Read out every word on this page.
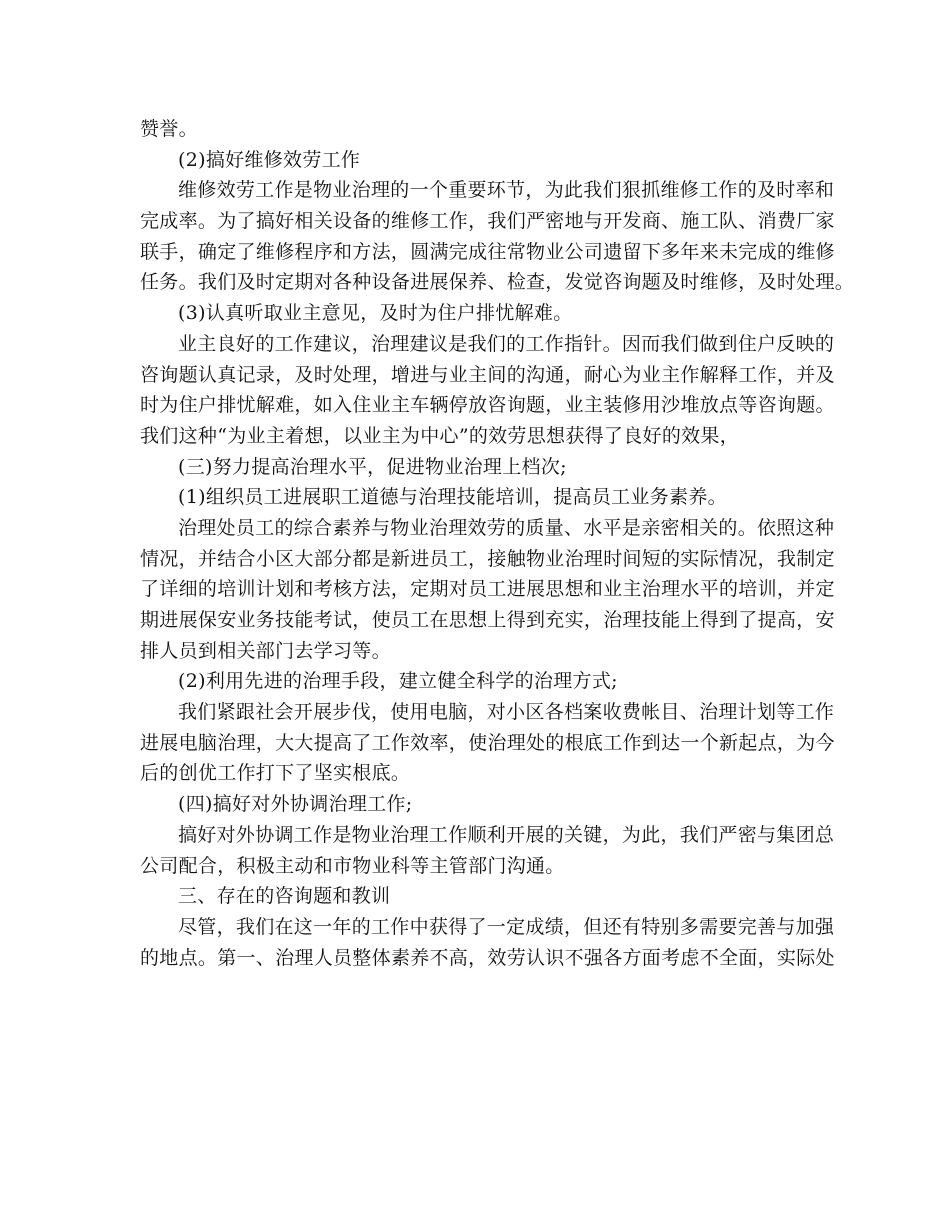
赞誉。
(2)搞好维修效劳工作
维修效劳工作是物业治理的一个重要环节，为此我们狠抓维修工作的及时率和
完成率。为了搞好相关设备的维修工作，我们严密地与开发商、施工队、消费厂家
联手，确定了维修程序和方法，圆满完成往常物业公司遗留下多年来未完成的维修
任务。我们及时定期对各种设备进展保养、检查，发觉咨询题及时维修，及时处理。
(3)认真听取业主意见，及时为住户排忧解难。
业主良好的工作建议，治理建议是我们的工作指针。因而我们做到住户反映的
咨询题认真记录，及时处理，增进与业主间的沟通，耐心为业主作解释工作，并及
时为住户排忧解难，如入住业主车辆停放咨询题，业主装修用沙堆放点等咨询题。
我们这种“为业主着想，以业主为中心”的效劳思想获得了良好的效果，
(三)努力提高治理水平，促进物业治理上档次;
(1)组织员工进展职工道德与治理技能培训，提高员工业务素养。
治理处员工的综合素养与物业治理效劳的质量、水平是亲密相关的。依照这种
情况，并结合小区大部分都是新进员工，接触物业治理时间短的实际情况，我制定
了详细的培训计划和考核方法，定期对员工进展思想和业主治理水平的培训，并定
期进展保安业务技能考试，使员工在思想上得到充实，治理技能上得到了提高，安
排人员到相关部门去学习等。
(2)利用先进的治理手段，建立健全科学的治理方式;
我们紧跟社会开展步伐，使用电脑，对小区各档案收费帐目、治理计划等工作
进展电脑治理，大大提高了工作效率，使治理处的根底工作到达一个新起点，为今
后的创优工作打下了坚实根底。
(四)搞好对外协调治理工作;
搞好对外协调工作是物业治理工作顺利开展的关键，为此，我们严密与集团总
公司配合，积极主动和市物业科等主管部门沟通。
三、存在的咨询题和教训
尽管，我们在这一年的工作中获得了一定成绩，但还有特别多需要完善与加强
的地点。第一、治理人员整体素养不高，效劳认识不强各方面考虑不全面，实际处
